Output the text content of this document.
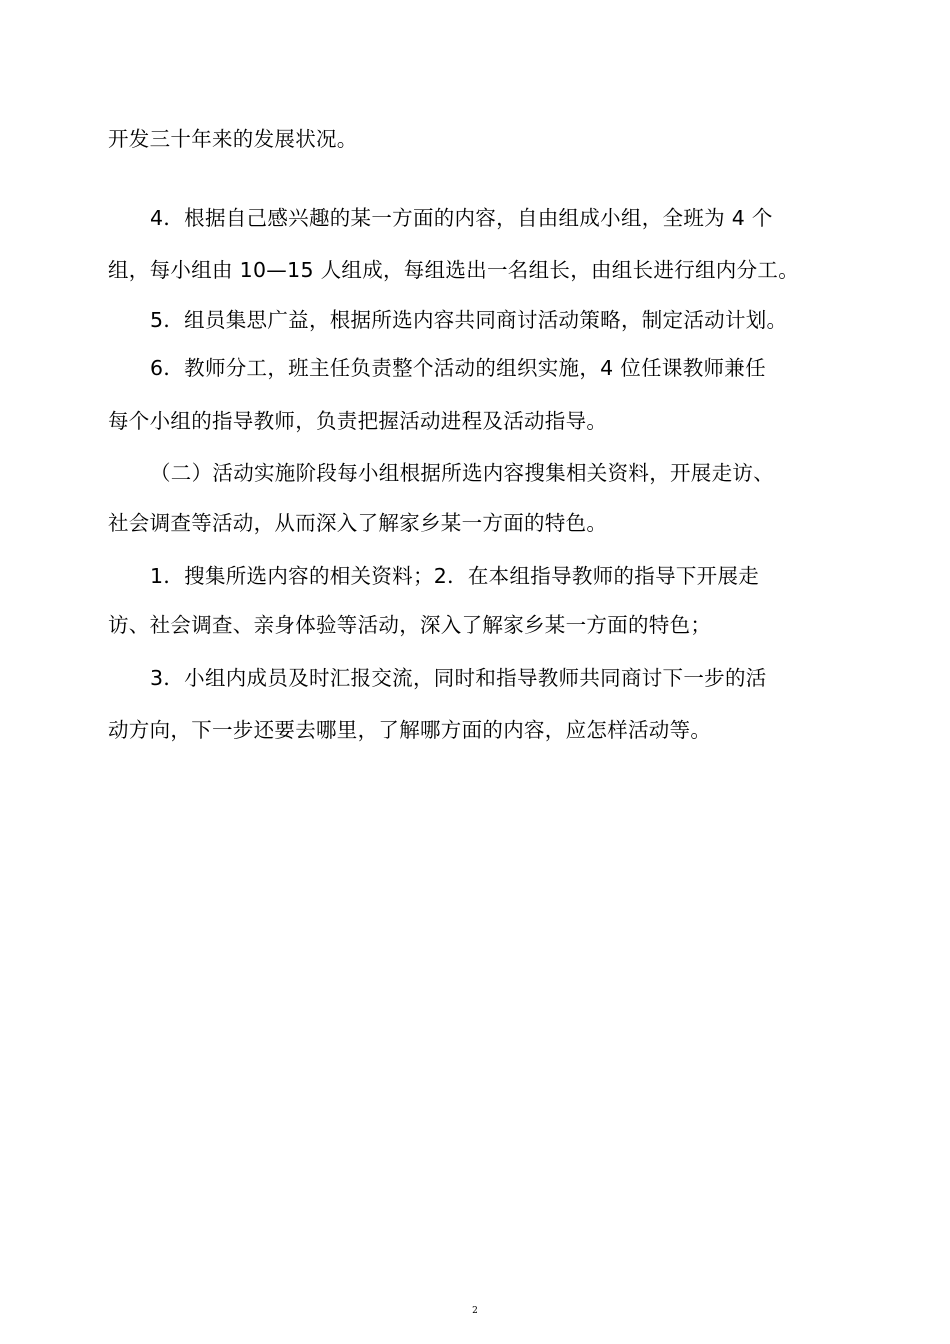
开发三十年来的发展状况。
4．根据自己感兴趣的某一方面的内容，自由组成小组，全班为 4 个
组，每小组由 10—15 人组成，每组选出一名组长，由组长进行组内分工。
5．组员集思广益，根据所选内容共同商讨活动策略，制定活动计划。
6．教师分工，班主任负责整个活动的组织实施，4 位任课教师兼任
每个小组的指导教师，负责把握活动进程及活动指导。
（二）活动实施阶段每小组根据所选内容搜集相关资料，开展走访、
社会调查等活动，从而深入了解家乡某一方面的特色。
1．搜集所选内容的相关资料；2．在本组指导教师的指导下开展走
访、社会调查、亲身体验等活动，深入了解家乡某一方面的特色；
3．小组内成员及时汇报交流，同时和指导教师共同商讨下一步的活
动方向，下一步还要去哪里，了解哪方面的内容，应怎样活动等。
2
